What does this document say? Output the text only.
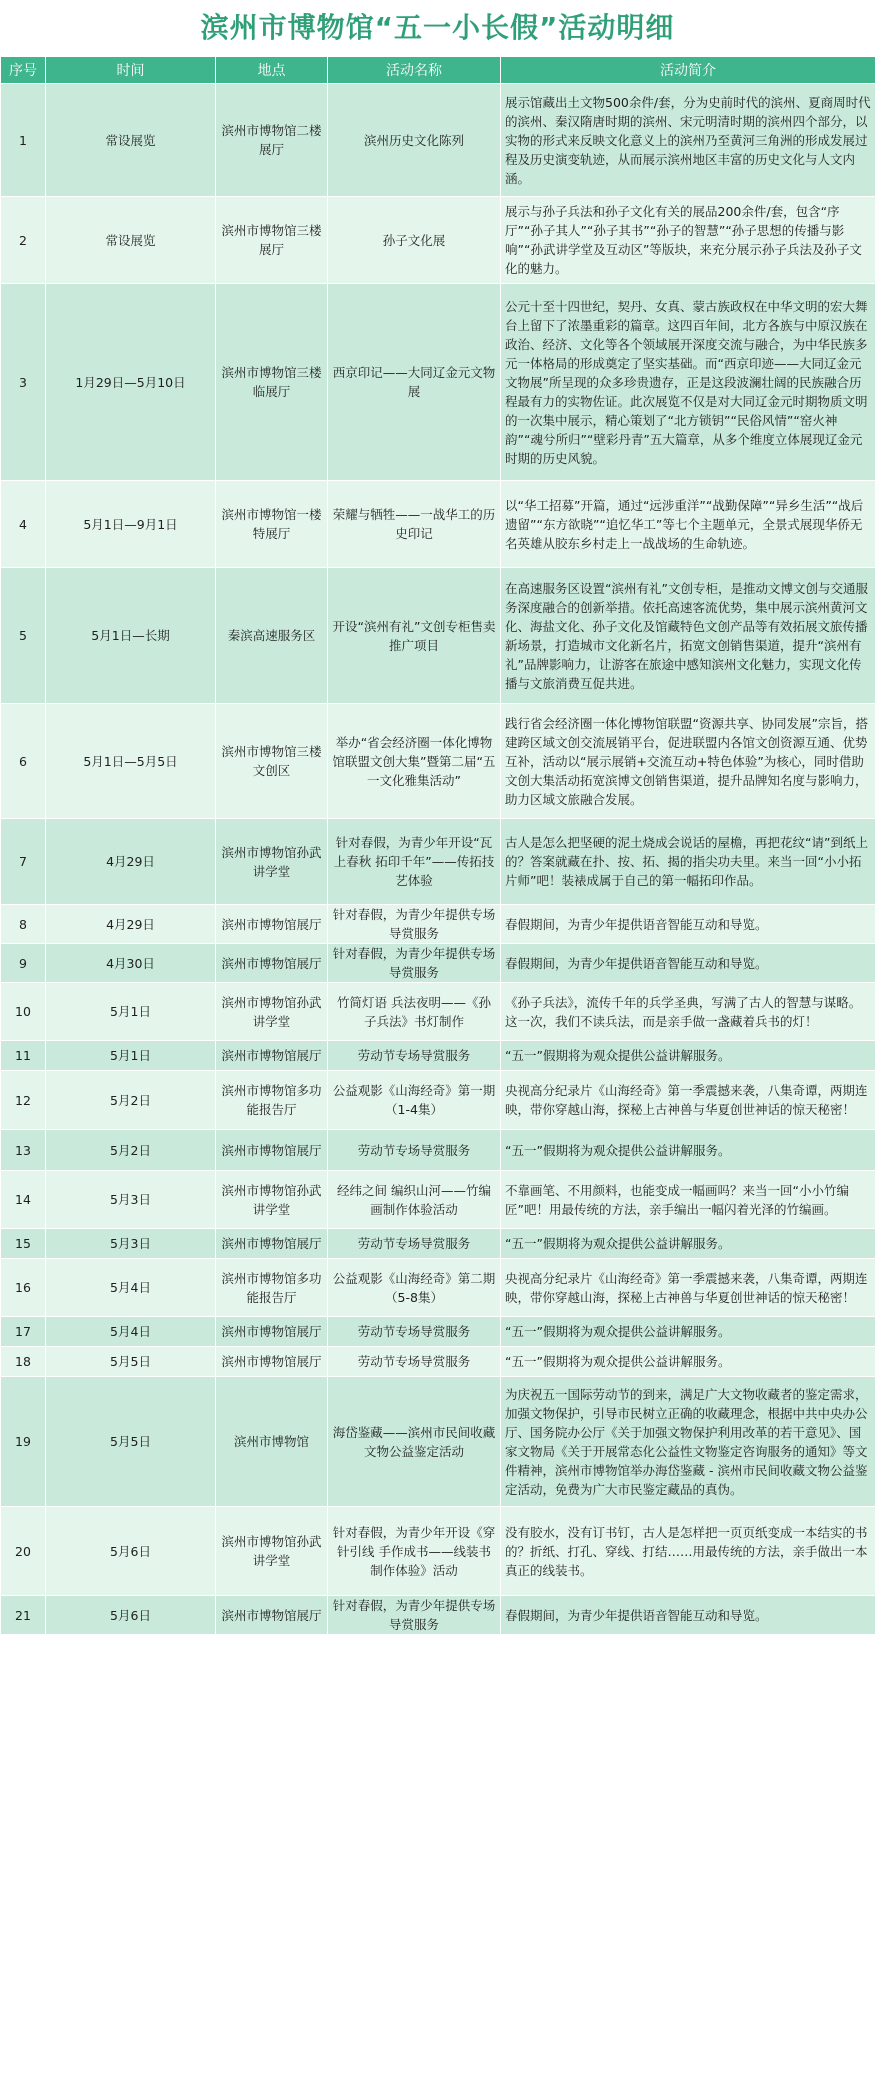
滨州市博物馆“五一小长假”活动明细
序号	时间	地点	活动名称	活动简介
1	常设展览	滨州市博物馆二楼展厅	滨州历史文化陈列	展示馆藏出土文物500余件/套，分为史前时代的滨州、夏商周时代的滨州、秦汉隋唐时期的滨州、宋元明清时期的滨州四个部分，以实物的形式来反映文化意义上的滨州乃至黄河三角洲的形成发展过程及历史演变轨迹，从而展示滨州地区丰富的历史文化与人文内涵。
2	常设展览	滨州市博物馆三楼展厅	孙子文化展	展示与孙子兵法和孙子文化有关的展品200余件/套，包含“序厅”“孙子其人”“孙子其书”“孙子的智慧”“孙子思想的传播与影响”“孙武讲学堂及互动区”等版块，来充分展示孙子兵法及孙子文化的魅力。
3	1月29日—5月10日	滨州市博物馆三楼临展厅	西京印记——大同辽金元文物展	公元十至十四世纪，契丹、女真、蒙古族政权在中华文明的宏大舞台上留下了浓墨重彩的篇章。这四百年间，北方各族与中原汉族在政治、经济、文化等各个领域展开深度交流与融合，为中华民族多元一体格局的形成奠定了坚实基础。而“西京印迹——大同辽金元文物展”所呈现的众多珍贵遗存，正是这段波澜壮阔的民族融合历程最有力的实物佐证。此次展览不仅是对大同辽金元时期物质文明的一次集中展示，精心策划了“北方锁钥”“民俗风情”“窑火神韵”“魂兮所归”“壁彩丹青”五大篇章，从多个维度立体展现辽金元时期的历史风貌。
4	5月1日—9月1日	滨州市博物馆一楼特展厅	荣耀与牺牲——一战华工的历史印记	以“华工招募”开篇，通过“远涉重洋”“战勤保障”“异乡生活”“战后遗留”“东方欲晓”“追忆华工”等七个主题单元，全景式展现华侨无名英雄从胶东乡村走上一战战场的生命轨迹。
5	5月1日—长期	秦滨高速服务区	开设“滨州有礼”文创专柜售卖推广项目	在高速服务区设置“滨州有礼”文创专柜，是推动文博文创与交通服务深度融合的创新举措。依托高速客流优势，集中展示滨州黄河文化、海盐文化、孙子文化及馆藏特色文创产品等有效拓展文旅传播新场景，打造城市文化新名片，拓宽文创销售渠道，提升“滨州有礼”品牌影响力，让游客在旅途中感知滨州文化魅力，实现文化传播与文旅消费互促共进。
6	5月1日—5月5日	滨州市博物馆三楼文创区	举办“省会经济圈一体化博物馆联盟文创大集”暨第二届“五一文化雅集活动”	践行省会经济圈一体化博物馆联盟“资源共享、协同发展”宗旨，搭建跨区域文创交流展销平台，促进联盟内各馆文创资源互通、优势互补，活动以“展示展销+交流互动+特色体验”为核心，同时借助文创大集活动拓宽滨博文创销售渠道，提升品牌知名度与影响力，助力区域文旅融合发展。
7	4月29日	滨州市博物馆孙武讲学堂	针对春假，为青少年开设“瓦上春秋 拓印千年”——传拓技艺体验	古人是怎么把坚硬的泥土烧成会说话的屋檐，再把花纹“请”到纸上的？答案就藏在扑、按、拓、揭的指尖功夫里。来当一回“小小拓片师”吧！装裱成属于自己的第一幅拓印作品。
8	4月29日	滨州市博物馆展厅	针对春假，为青少年提供专场导赏服务	春假期间，为青少年提供语音智能互动和导览。
9	4月30日	滨州市博物馆展厅	针对春假，为青少年提供专场导赏服务	春假期间，为青少年提供语音智能互动和导览。
10	5月1日	滨州市博物馆孙武讲学堂	竹简灯语 兵法夜明——《孙子兵法》书灯制作	《孙子兵法》，流传千年的兵学圣典，写满了古人的智慧与谋略。这一次，我们不读兵法，而是亲手做一盏藏着兵书的灯！
11	5月1日	滨州市博物馆展厅	劳动节专场导赏服务	“五一”假期将为观众提供公益讲解服务。
12	5月2日	滨州市博物馆多功能报告厅	公益观影《山海经奇》第一期（1-4集）	央视高分纪录片《山海经奇》第一季震撼来袭，八集奇谭，两期连映，带你穿越山海，探秘上古神兽与华夏创世神话的惊天秘密！
13	5月2日	滨州市博物馆展厅	劳动节专场导赏服务	“五一”假期将为观众提供公益讲解服务。
14	5月3日	滨州市博物馆孙武讲学堂	经纬之间 编织山河——竹编画制作体验活动	不靠画笔、不用颜料，也能变成一幅画吗？来当一回“小小竹编匠”吧！用最传统的方法，亲手编出一幅闪着光泽的竹编画。
15	5月3日	滨州市博物馆展厅	劳动节专场导赏服务	“五一”假期将为观众提供公益讲解服务。
16	5月4日	滨州市博物馆多功能报告厅	公益观影《山海经奇》第二期（5-8集）	央视高分纪录片《山海经奇》第一季震撼来袭，八集奇谭，两期连映，带你穿越山海，探秘上古神兽与华夏创世神话的惊天秘密！
17	5月4日	滨州市博物馆展厅	劳动节专场导赏服务	“五一”假期将为观众提供公益讲解服务。
18	5月5日	滨州市博物馆展厅	劳动节专场导赏服务	“五一”假期将为观众提供公益讲解服务。
19	5月5日	滨州市博物馆	海岱鉴藏——滨州市民间收藏文物公益鉴定活动	为庆祝五一国际劳动节的到来，满足广大文物收藏者的鉴定需求，加强文物保护，引导市民树立正确的收藏理念，根据中共中央办公厅、国务院办公厅《关于加强文物保护利用改革的若干意见》、国家文物局《关于开展常态化公益性文物鉴定咨询服务的通知》等文件精神，滨州市博物馆举办海岱鉴藏 - 滨州市民间收藏文物公益鉴定活动，免费为广大市民鉴定藏品的真伪。
20	5月6日	滨州市博物馆孙武讲学堂	针对春假，为青少年开设《穿针引线 手作成书——线装书制作体验》活动	没有胶水，没有订书钉，古人是怎样把一页页纸变成一本结实的书的？折纸、打孔、穿线、打结……用最传统的方法，亲手做出一本真正的线装书。
21	5月6日	滨州市博物馆展厅	针对春假，为青少年提供专场导赏服务	春假期间，为青少年提供语音智能互动和导览。
